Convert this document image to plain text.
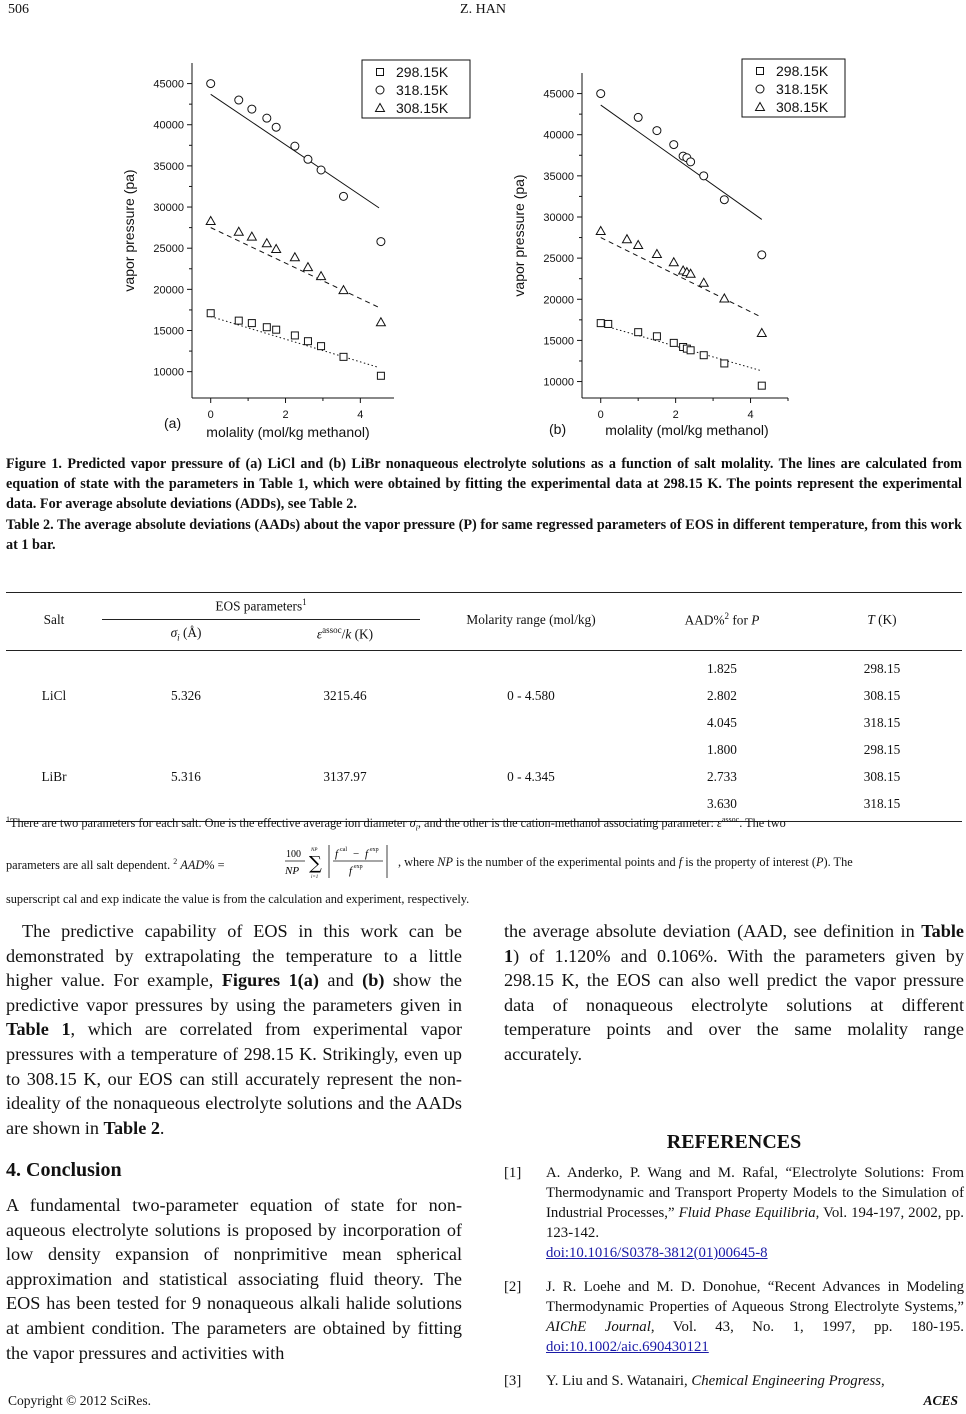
506	Z. HAN
10000
15000
20000
25000
30000
35000
40000
45000
0	2	4
vapor pressure (pa)
molality (mol/kg methanol)
(a)
298.15K
318.15K
308.15K
10000
15000
20000
25000
30000
35000
40000
45000
0	2	4
vapor pressure (pa)
molality (mol/kg methanol)
(b)
298.15K
318.15K
308.15K
Figure 1. Predicted vapor pressure of (a) LiCl and (b) LiBr nonaqueous electrolyte solutions as a function of salt molality. The lines are calculated from equation of state with the parameters in Table 1, which were obtained by fitting the experimental data at 298.15 K. The points represent the experimental data. For average absolute deviations (ADDs), see Table 2.
Table 2. The average absolute deviations (AADs) about the vapor pressure (P) for same regressed parameters of EOS in different temperature, from this work at 1 bar.
Salt	EOS parameters$^1$		Molarity range (mol/kg)	AAD%$^2$ for P	T (K)
	$\sigma_i$ (Å)	$\varepsilon^{assoc}/k$ (K)			
LiCl	5.326	3215.46	0 - 4.580	1.825	298.15
				2.802	308.15
				4.045	318.15
LiBr	5.316	3137.97	0 - 4.345	1.800	298.15
				2.733	308.15
				3.630	318.15
$^1$There are two parameters for each salt. One is the effective average ion diameter $\sigma_i$, and the other is the cation-methanol associating parameter: $\varepsilon^{assoc}$. The two
parameters are all salt dependent. $^2$ AAD% =
100
NP
NP
∑
i=1
f cal − f exp
f exp	, where NP is the number of the experimental points and f is the property of interest (P). The
superscript cal and exp indicate the value is from the calculation and experiment, respectively.

The predictive capability of EOS in this work can be demonstrated by extrapolating the temperature to a little higher value. For example, Figures 1(a) and (b) show the predictive vapor pressures by using the parameters given in Table 1, which are correlated from experimental vapor pressures with a temperature of 298.15 K. Strikingly, even up to 308.15 K, our EOS can still accurately represent the non-ideality of the nonaqueous electrolyte solutions and the AADs are shown in Table 2.

4. Conclusion

A fundamental two-parameter equation of state for nonaqueous electrolyte solutions is proposed by incorporation of low density expansion of nonprimitive mean spherical approximation and statistical associating fluid theory. The EOS has been tested for 9 nonaqueous alkali halide solutions at ambient condition. The parameters are obtained by fitting the vapor pressures and activities with

the average absolute deviation (AAD, see definition in Table 1) of 1.120% and 0.106%. With the parameters given by 298.15 K, the EOS can also well predict the vapor pressure data of nonaqueous electrolyte solutions at different temperature points and over the same molality range accurately.

REFERENCES
[1] A. Anderko, P. Wang and M. Rafal, “Electrolyte Solutions: From Thermodynamic and Transport Property Models to the Simulation of Industrial Processes,” Fluid Phase Equilibria, Vol. 194-197, 2002, pp. 123-142.
doi:10.1016/S0378-3812(01)00645-8
[2] J. R. Loehe and M. D. Donohue, “Recent Advances in Modeling Thermodynamic Properties of Aqueous Strong Electrolyte Systems,” AIChE Journal, Vol. 43, No. 1, 1997, pp. 180-195. doi:10.1002/aic.690430121
[3] Y. Liu and S. Watanairi, Chemical Engineering Progress,
Copyright © 2012 SciRes.	ACES
